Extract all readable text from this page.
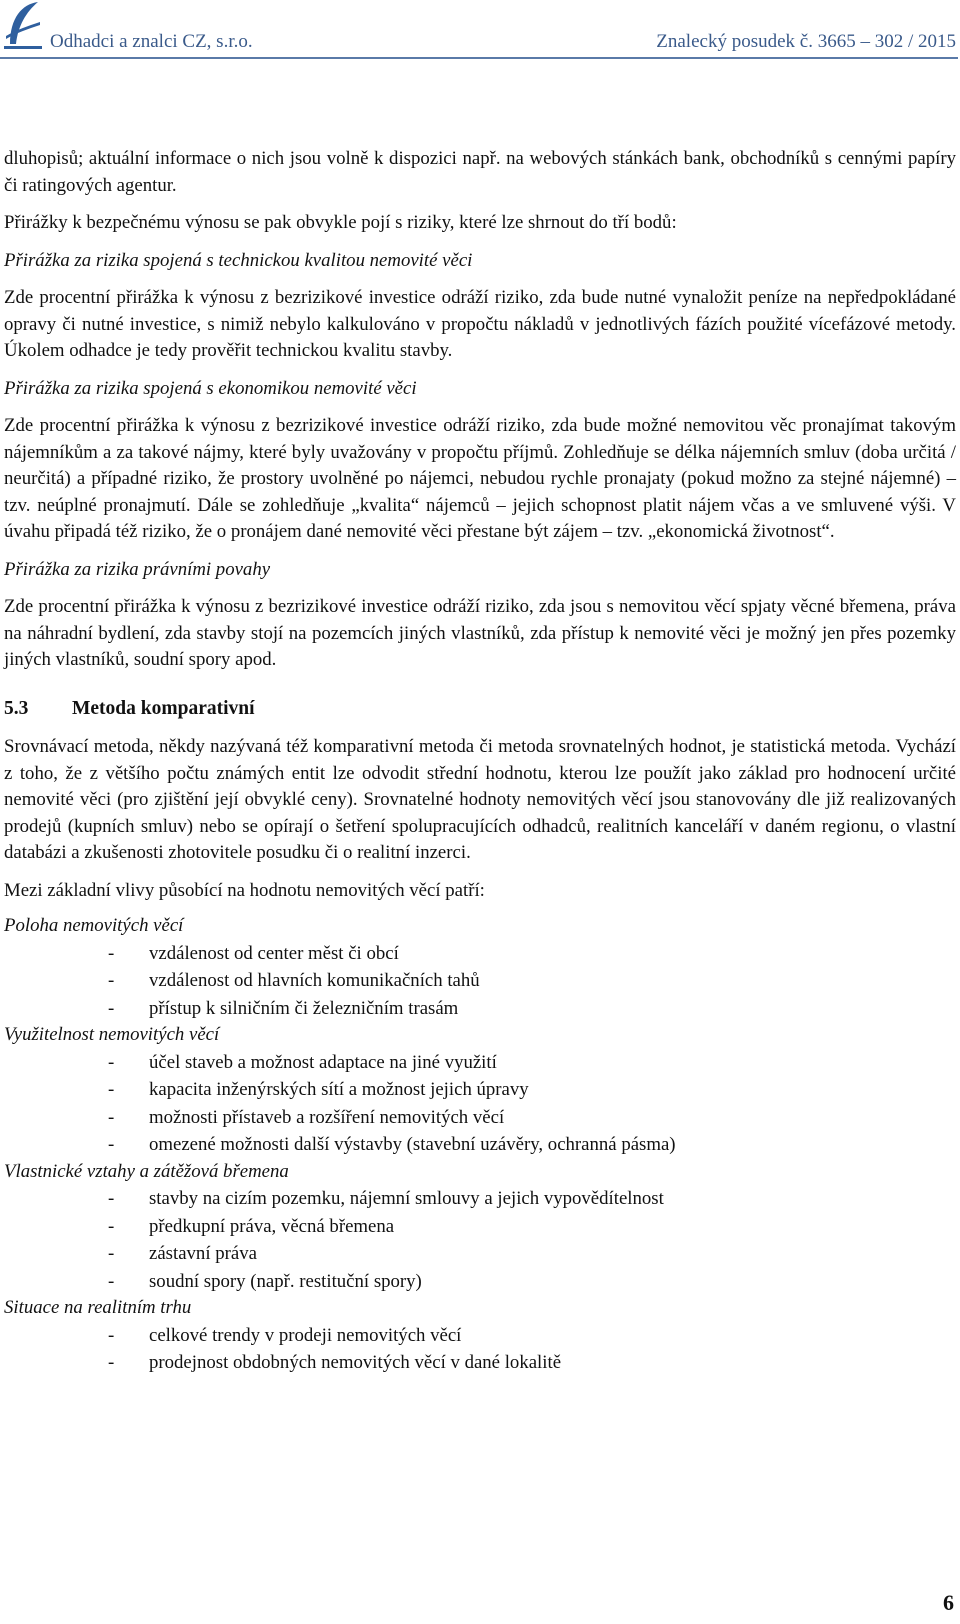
Odhadci a znalci CZ, s.r.o.	Znalecký posudek č. 3665 – 302 / 2015

dluhopisů; aktuální informace o nich jsou volně k dispozici např. na webových stánkách bank, obchodníků s cennými papíry či ratingových agentur.

Přirážky k bezpečnému výnosu se pak obvykle pojí s riziky, které lze shrnout do tří bodů:

Přirážka za rizika spojená s technickou kvalitou nemovité věci

Zde procentní přirážka k výnosu z bezrizikové investice odráží riziko, zda bude nutné vynaložit peníze na nepředpokládané opravy či nutné investice, s nimiž nebylo kalkulováno v propočtu nákladů v jednotlivých fázích použité vícefázové metody. Úkolem odhadce je tedy prověřit technickou kvalitu stavby.

Přirážka za rizika spojená s ekonomikou nemovité věci

Zde procentní přirážka k výnosu z bezrizikové investice odráží riziko, zda bude možné nemovitou věc pronajímat takovým nájemníkům a za takové nájmy, které byly uvažovány v propočtu příjmů. Zohledňuje se délka nájemních smluv (doba určitá / neurčitá) a případné riziko, že prostory uvolněné po nájemci, nebudou rychle pronajaty (pokud možno za stejné nájemné) – tzv. neúplné pronajmutí. Dále se zohledňuje „kvalita“ nájemců – jejich schopnost platit nájem včas a ve smluvené výši. V úvahu připadá též riziko, že o pronájem dané nemovité věci přestane být zájem – tzv. „ekonomická životnost“.

Přirážka za rizika právními povahy

Zde procentní přirážka k výnosu z bezrizikové investice odráží riziko, zda jsou s nemovitou věcí spjaty věcné břemena, práva na náhradní bydlení, zda stavby stojí na pozemcích jiných vlastníků, zda přístup k nemovité věci je možný jen přes pozemky jiných vlastníků, soudní spory apod.

5.3 Metoda komparativní

Srovnávací metoda, někdy nazývaná též komparativní metoda či metoda srovnatelných hodnot, je statistická metoda. Vychází z toho, že z většího počtu známých entit lze odvodit střední hodnotu, kterou lze použít jako základ pro hodnocení určité nemovité věci (pro zjištění její obvyklé ceny). Srovnatelné hodnoty nemovitých věcí jsou stanovovány dle již realizovaných prodejů (kupních smluv) nebo se opírají o šetření spolupracujících odhadců, realitních kanceláří v daném regionu, o vlastní databázi a zkušenosti zhotovitele posudku či o realitní inzerci.

Mezi základní vlivy působící na hodnotu nemovitých věcí patří:

Poloha nemovitých věcí

- vzdálenost od center měst či obcí
- vzdálenost od hlavních komunikačních tahů
- přístup k silničním či železničním trasám

Využitelnost nemovitých věcí

- účel staveb a možnost adaptace na jiné využití
- kapacita inženýrských sítí a možnost jejich úpravy
- možnosti přístaveb a rozšíření nemovitých věcí
- omezené možnosti další výstavby (stavební uzávěry, ochranná pásma)

Vlastnické vztahy a zátěžová břemena

- stavby na cizím pozemku, nájemní smlouvy a jejich vypovědítelnost
- předkupní práva, věcná břemena
- zástavní práva
- soudní spory (např. restituční spory)

Situace na realitním trhu

- celkové trendy v prodeji nemovitých věcí
- prodejnost obdobných nemovitých věcí v dané lokalitě
6
